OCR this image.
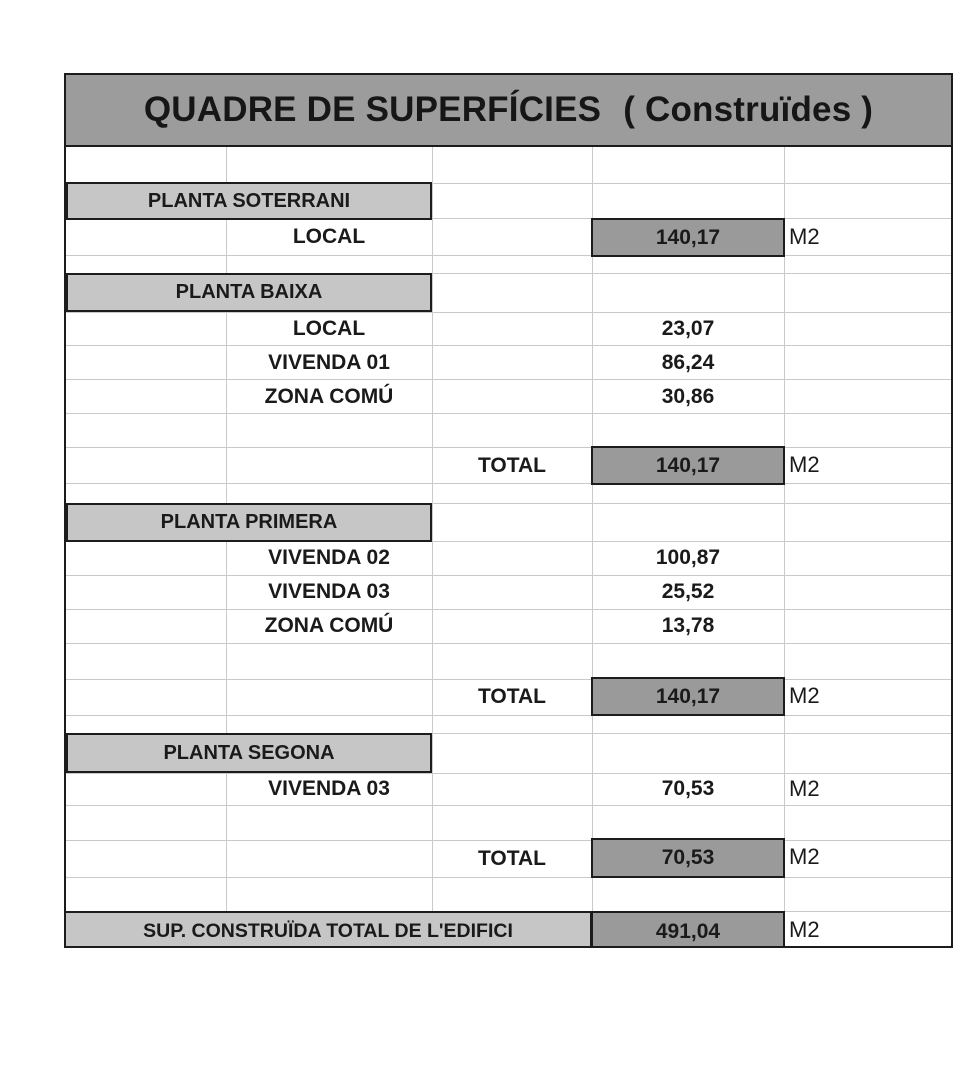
QUADRE DE SUPERFÍCIES ( Construïdes )
PLANTA SOTERRANI
LOCAL	140,17	M2
PLANTA BAIXA
LOCAL	23,07
VIVENDA 01	86,24
ZONA COMÚ	30,86
TOTAL	140,17	M2
PLANTA PRIMERA
VIVENDA 02	100,87
VIVENDA 03	25,52
ZONA COMÚ	13,78
TOTAL	140,17	M2
PLANTA SEGONA
VIVENDA 03	70,53	M2
TOTAL	70,53	M2
SUP. CONSTRUÏDA TOTAL DE L'EDIFICI	491,04	M2
